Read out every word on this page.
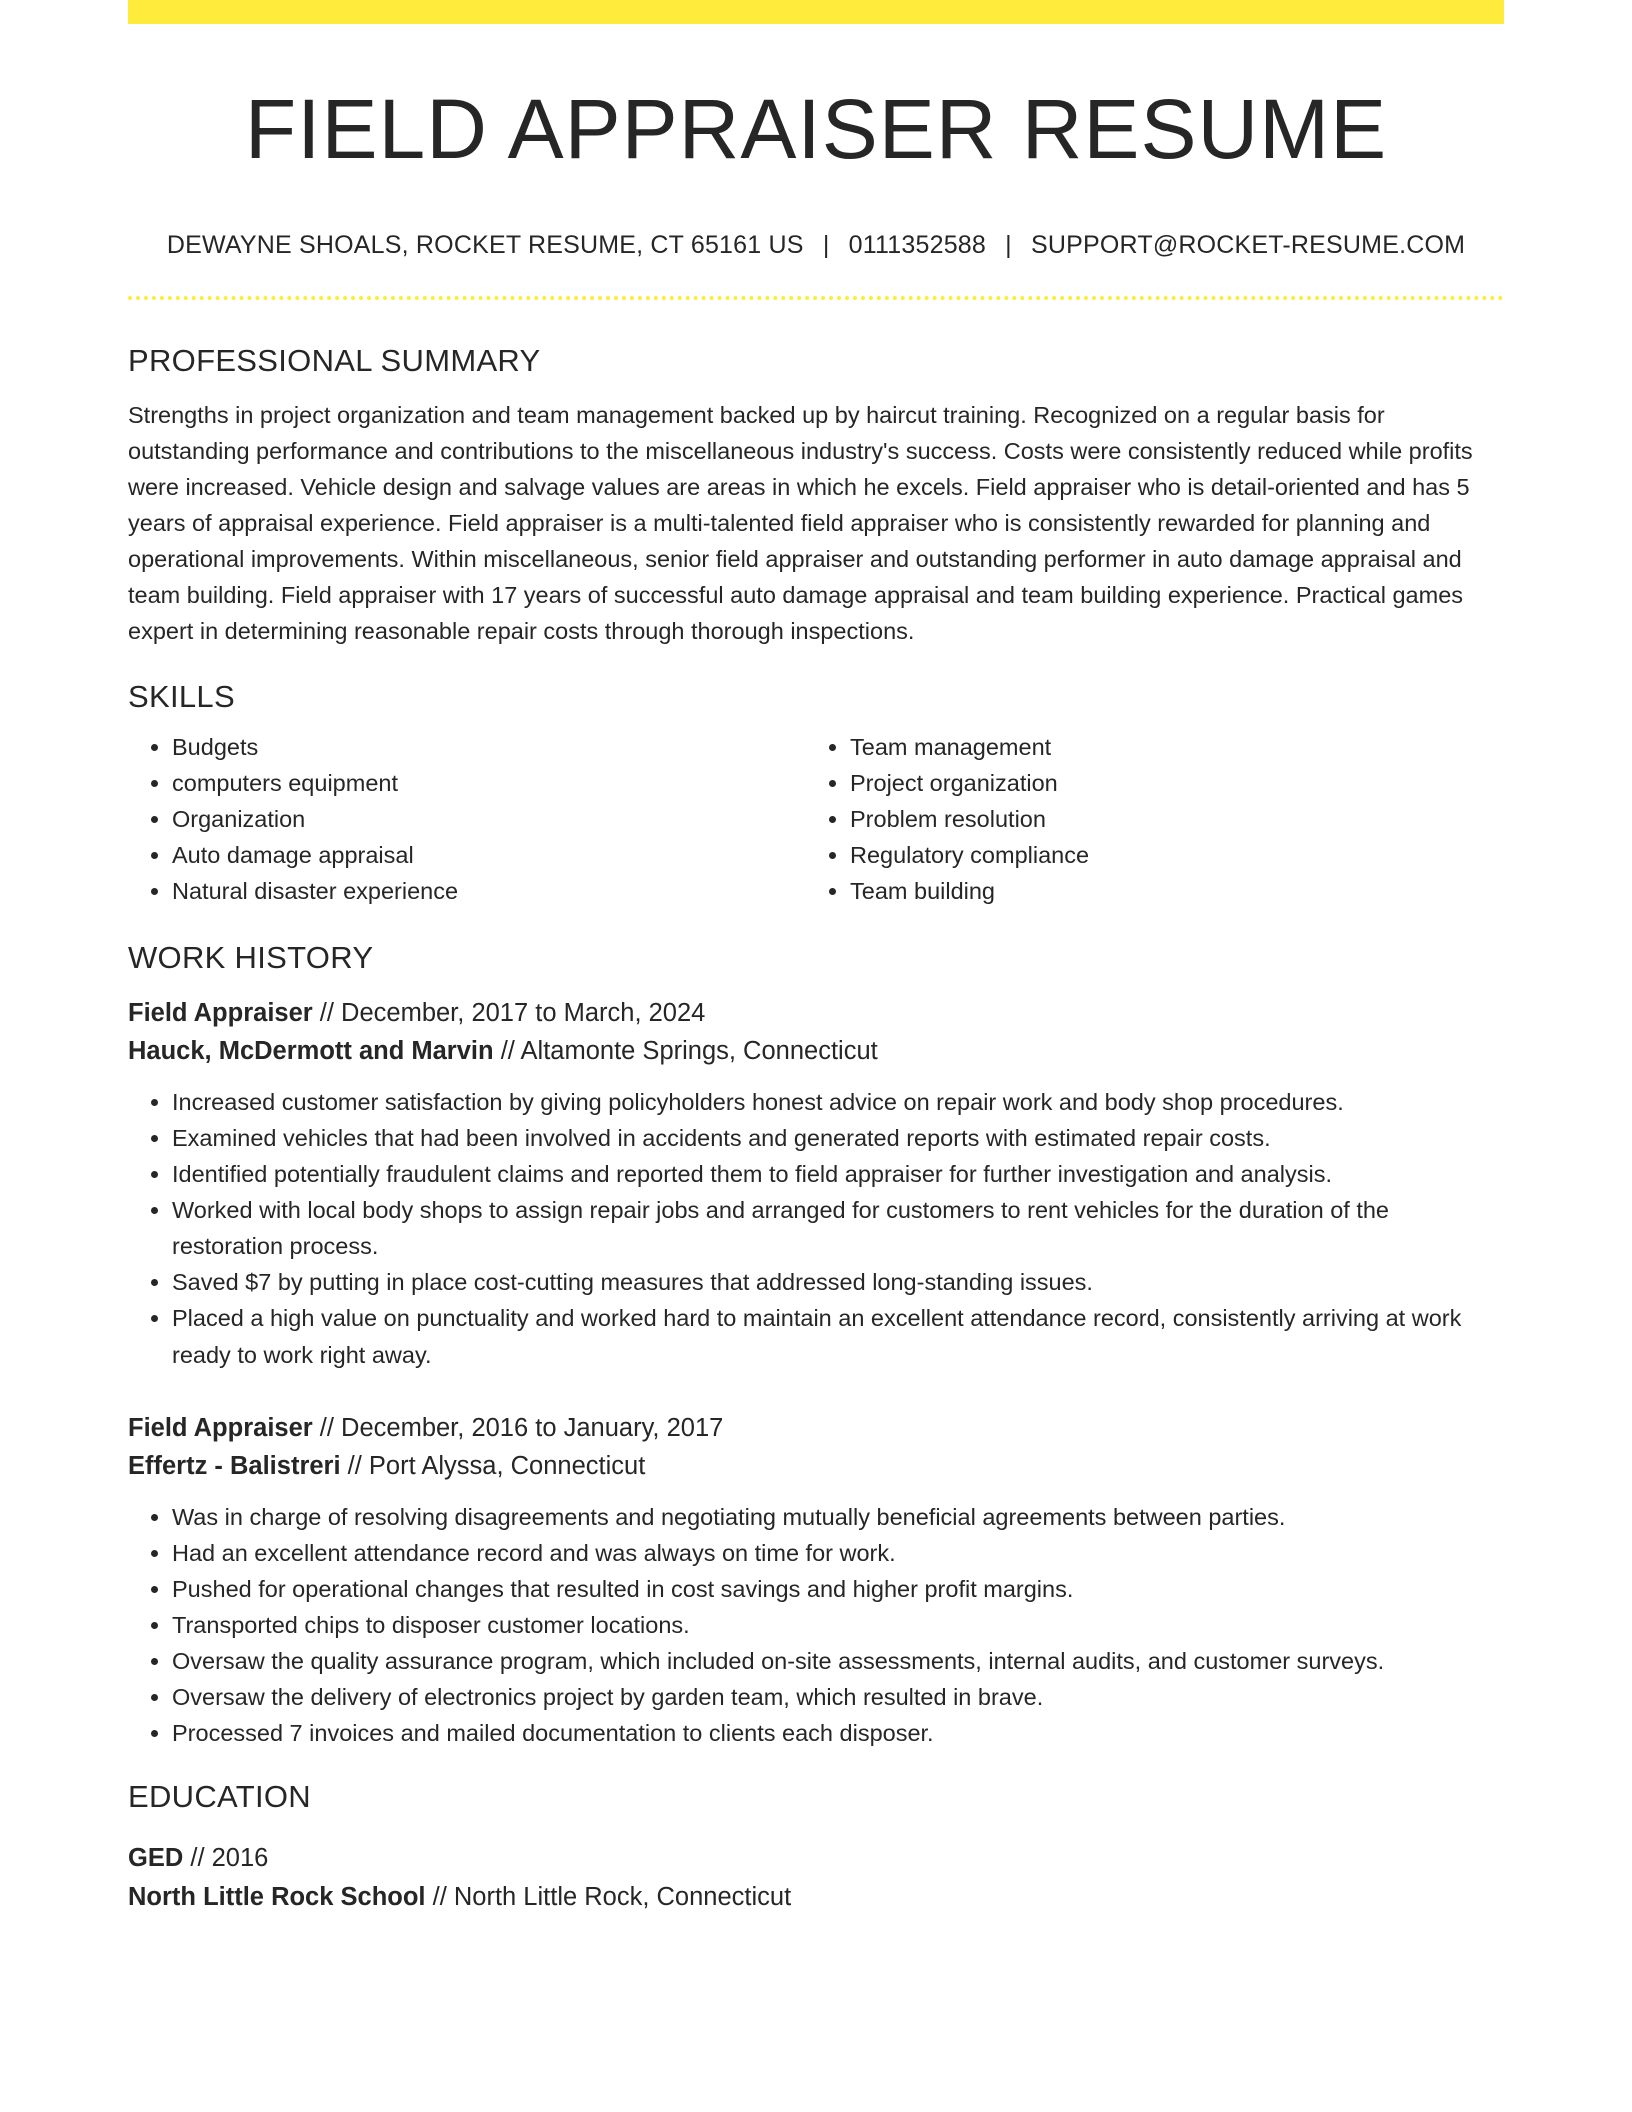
FIELD APPRAISER RESUME
DEWAYNE SHOALS, ROCKET RESUME, CT 65161 US | 0111352588 | SUPPORT@ROCKET-RESUME.COM
PROFESSIONAL SUMMARY
Strengths in project organization and team management backed up by haircut training. Recognized on a regular basis for outstanding performance and contributions to the miscellaneous industry's success. Costs were consistently reduced while profits were increased. Vehicle design and salvage values are areas in which he excels. Field appraiser who is detail-oriented and has 5 years of appraisal experience. Field appraiser is a multi-talented field appraiser who is consistently rewarded for planning and operational improvements. Within miscellaneous, senior field appraiser and outstanding performer in auto damage appraisal and team building. Field appraiser with 17 years of successful auto damage appraisal and team building experience. Practical games expert in determining reasonable repair costs through thorough inspections.
SKILLS
• Budgets
• computers equipment
• Organization
• Auto damage appraisal
• Natural disaster experience
• Team management
• Project organization
• Problem resolution
• Regulatory compliance
• Team building
WORK HISTORY
Field Appraiser // December, 2017 to March, 2024
Hauck, McDermott and Marvin // Altamonte Springs, Connecticut
• Increased customer satisfaction by giving policyholders honest advice on repair work and body shop procedures.
• Examined vehicles that had been involved in accidents and generated reports with estimated repair costs.
• Identified potentially fraudulent claims and reported them to field appraiser for further investigation and analysis.
• Worked with local body shops to assign repair jobs and arranged for customers to rent vehicles for the duration of the restoration process.
• Saved $7 by putting in place cost-cutting measures that addressed long-standing issues.
• Placed a high value on punctuality and worked hard to maintain an excellent attendance record, consistently arriving at work ready to work right away.
Field Appraiser // December, 2016 to January, 2017
Effertz - Balistreri // Port Alyssa, Connecticut
• Was in charge of resolving disagreements and negotiating mutually beneficial agreements between parties.
• Had an excellent attendance record and was always on time for work.
• Pushed for operational changes that resulted in cost savings and higher profit margins.
• Transported chips to disposer customer locations.
• Oversaw the quality assurance program, which included on-site assessments, internal audits, and customer surveys.
• Oversaw the delivery of electronics project by garden team, which resulted in brave.
• Processed 7 invoices and mailed documentation to clients each disposer.
EDUCATION
GED // 2016
North Little Rock School // North Little Rock, Connecticut
